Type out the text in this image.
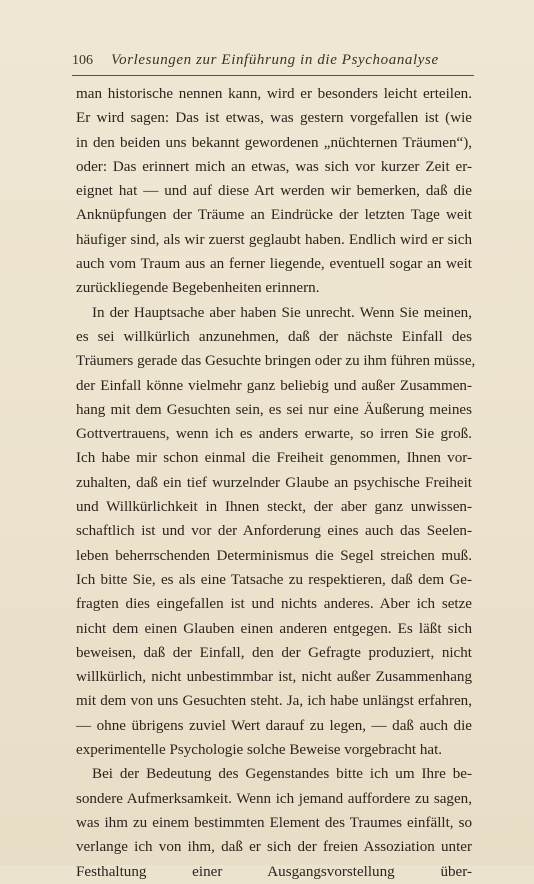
106 Vorlesungen zur Einführung in die Psychoanalyse
man historische nennen kann, wird er besonders leicht erteilen.
Er wird sagen: Das ist etwas, was gestern vorgefallen ist (wie
in den beiden uns bekannt gewordenen „nüchternen Träumen“),
oder: Das erinnert mich an etwas, was sich vor kurzer Zeit er-
eignet hat — und auf diese Art werden wir bemerken, daß die
Anknüpfungen der Träume an Eindrücke der letzten Tage weit
häufiger sind, als wir zuerst geglaubt haben. Endlich wird er sich
auch vom Traum aus an ferner liegende, eventuell sogar an weit
zurückliegende Begebenheiten erinnern.
In der Hauptsache aber haben Sie unrecht. Wenn Sie meinen,
es sei willkürlich anzunehmen, daß der nächste Einfall des
Träumers gerade das Gesuchte bringen oder zu ihm führen müsse,
der Einfall könne vielmehr ganz beliebig und außer Zusammen-
hang mit dem Gesuchten sein, es sei nur eine Äußerung meines
Gottvertrauens, wenn ich es anders erwarte, so irren Sie groß.
Ich habe mir schon einmal die Freiheit genommen, Ihnen vor-
zuhalten, daß ein tief wurzelnder Glaube an psychische Freiheit
und Willkürlichkeit in Ihnen steckt, der aber ganz unwissen-
schaftlich ist und vor der Anforderung eines auch das Seelen-
leben beherrschenden Determinismus die Segel streichen muß.
Ich bitte Sie, es als eine Tatsache zu respektieren, daß dem Ge-
fragten dies eingefallen ist und nichts anderes. Aber ich setze
nicht dem einen Glauben einen anderen entgegen. Es läßt sich
beweisen, daß der Einfall, den der Gefragte produziert, nicht
willkürlich, nicht unbestimmbar ist, nicht außer Zusammenhang
mit dem von uns Gesuchten steht. Ja, ich habe unlängst erfahren,
— ohne übrigens zuviel Wert darauf zu legen, — daß auch die
experimentelle Psychologie solche Beweise vorgebracht hat.
Bei der Bedeutung des Gegenstandes bitte ich um Ihre be-
sondere Aufmerksamkeit. Wenn ich jemand auffordere zu sagen,
was ihm zu einem bestimmten Element des Traumes einfällt, so
verlange ich von ihm, daß er sich der freien Assoziation unter
Festhaltung einer Ausgangsvorstellung über-
